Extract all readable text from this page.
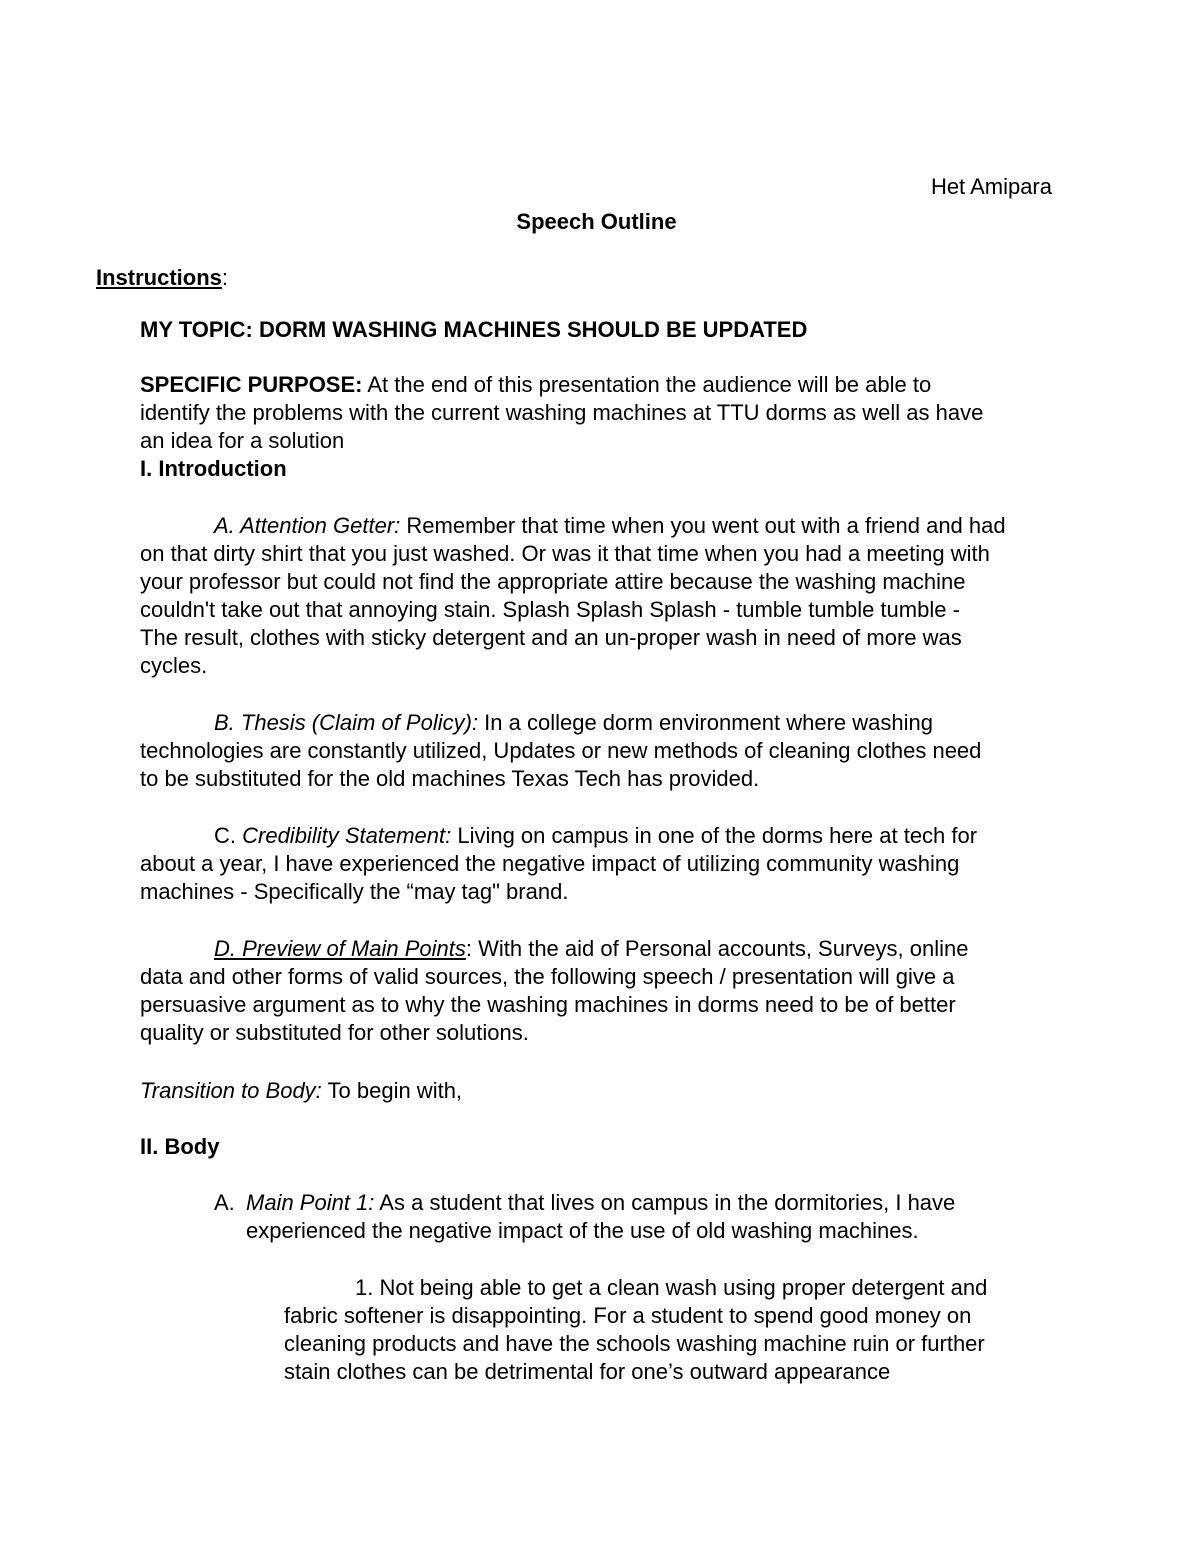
Het Amipara
Speech Outline
Instructions:
MY TOPIC: DORM WASHING MACHINES SHOULD BE UPDATED
SPECIFIC PURPOSE: At the end of this presentation the audience will be able to
identify the problems with the current washing machines at TTU dorms as well as have
an idea for a solution
I. Introduction
A. Attention Getter: Remember that time when you went out with a friend and had
on that dirty shirt that you just washed. Or was it that time when you had a meeting with
your professor but could not find the appropriate attire because the washing machine
couldn't take out that annoying stain. Splash Splash Splash - tumble tumble tumble -
The result, clothes with sticky detergent and an un-proper wash in need of more was
cycles.
B. Thesis (Claim of Policy): In a college dorm environment where washing
technologies are constantly utilized, Updates or new methods of cleaning clothes need
to be substituted for the old machines Texas Tech has provided.
C. Credibility Statement: Living on campus in one of the dorms here at tech for
about a year, I have experienced the negative impact of utilizing community washing
machines - Specifically the “may tag" brand.
D. Preview of Main Points: With the aid of Personal accounts, Surveys, online
data and other forms of valid sources, the following speech / presentation will give a
persuasive argument as to why the washing machines in dorms need to be of better
quality or substituted for other solutions.
Transition to Body: To begin with,
II. Body
A. Main Point 1: As a student that lives on campus in the dormitories, I have
experienced the negative impact of the use of old washing machines.
1. Not being able to get a clean wash using proper detergent and
fabric softener is disappointing. For a student to spend good money on
cleaning products and have the schools washing machine ruin or further
stain clothes can be detrimental for one’s outward appearance
